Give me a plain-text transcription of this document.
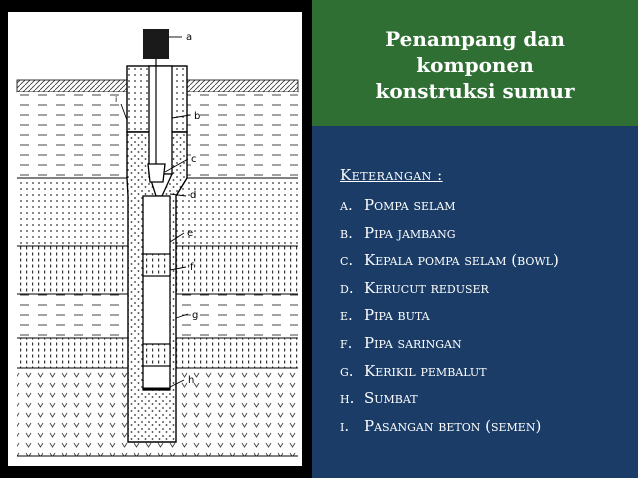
a
b
c
d
e
f
g
h
i
Penampang dan
komponen
konstruksi sumur
Keterangan :
a. Pompa selam
b. Pipa jambang
c. Kepala pompa selam (bowl)
d. Kerucut reduser
e. Pipa buta
f. Pipa saringan
g. Kerikil pembalut
h. Sumbat
i. Pasangan beton (semen)
